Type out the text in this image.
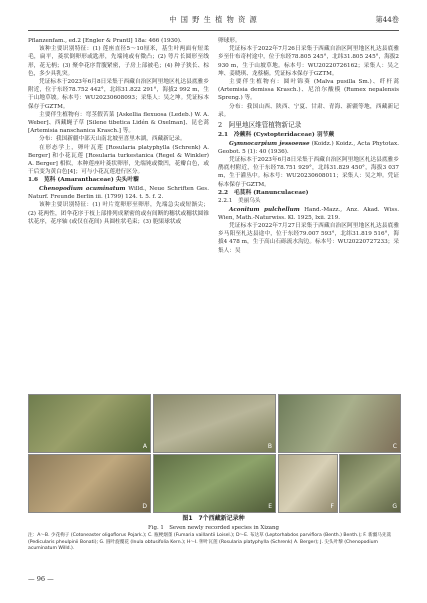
中 国 野 生 植 物 资 源	第44卷

Pflanzenfam., ed.2 [Engler & Prantl] 18a: 466 (1930).

该种主要识别特征：(1) 莲座直径5～10厘米，基生叶两面有短柔毛，扁平，菱状倒卵形或匙形，先端钝或有微凸；(2) 萼片长圆形至线形，花无柄；(3) 聚伞花序背腹紧密，子房上部被毛；(4) 种子狭长、棕色，多少具乳突。

凭证标本于2023年6月8日采集于西藏自治区阿里地区札达县底雅乡附近，位于东经78.752 442°，北纬31.822 291°，海拔2 992 m，生于山地草坡。标本号：WU20230608093；采集人：吴之坤。凭证标本保存于GZTM。

主要伴生植物有：弯茎假苦菜 [Askellia flexuosa (Ledeb.) W. A. Weber]、西藏蝇子草 [Silene tibetica Lidén & Oxelman]、昆仑蒿 [Artemisia nanschanica Krasch.] 等。

分布：我国新疆中部天山南北坡至喜里木湖，西藏新记录。

在形态学上，卵叶瓦莲 [Rosularia platyphylla (Schrenk) A. Berger] 和小花瓦莲 [Rosularia turkestanica (Regel & Winkler) A. Berger] 相似，本种莲座叶菱状卵形，先端钝或微凹，花瓣白色，或干后变为黄白色[4]；可与小花瓦莲进行区分。

1.6　苋科 (Amaranthaceae) 尖头叶藜

Chenopodium acuminatum Willd., Neue Schriften Ges. Naturf. Freunde Berlin iii. (1799) 124. t. 5. f. 2.

该种主要识别特征：(1) 叶片宽卵形至卵形，先端急尖或短渐尖；(2) 花两性，团伞花序于枝上部排列成紧密的或有间断的穗状或穗状圆锥状花序，花序轴 (或仅在花间) 具圆柱状毛束；(3) 胞果球状或

卵球形。

凭证标本于2022年7月26日采集于西藏自治区阿里地区札达县底雅乡至什布奇村途中，位于东经78.805 245°，北纬31.805 245°，海拔2 930 m，生于山坡草地。标本号：WU20220726162；采集人：吴之坤、姜晓琪、龙蔡楠。凭证标本保存于GZTM。

主要伴生植物有：圆叶锦葵 (Malva pusilla Sm.)、纤杆蒿 (Artemisia demissa Krasch.)、尼泊尔酸模 (Rumex nepalensis Spreng.) 等。

分布：我国山西、陕西、宁夏、甘肃、青海、新疆等地，西藏新记录。

2　阿里地区维管植物新记录
2.1　冷蕨科 (Cystopteridaceae) 羽节蕨

Gymnocarpium jessoense (Koidz.) Koidz., Acta Phytotax. Geobot. 5 (1): 40 (1936).

凭证标本于2023年6月8日采集于西藏自治区阿里地区札达县底雅乡鹊底村附近，位于东经78.751 929°，北纬31.829 450°，海拔3 037 m，生于灌丛中。标本号：WU20230608011；采集人：吴之坤。凭证标本保存于GZTM。

2.2　毛茛科 (Ranunculaceae)
2.2.1　美丽乌头

Aconitum pulchellum Hand.-Mazz., Anz. Akad. Wiss. Wien, Math.-Naturwiss. Kl. 1925, lxii. 219.

凭证标本于2022年7月27日采集于西藏自治区阿里地区札达县底雅乡马阳至札达县途中，位于东经79.007 593°，北纬31.819 516°，海拔4 478 m，生于高山石砾流水沟边。标本号：WU20220727233；采集人：吴

A	B	C
D	E	F	G
图1　7个西藏新记录种
Fig. 1　Seven newly recorded species in Xizang
注：A～B. 少花栒子 (Cotoneaster oligoflorus Pojark.); C. 瓶梗烟堇 (Fumaria vaillantii Loisel.); D～E. 布达草 (Leptorhabdos parviflora (Benth.) Benth.); F. 新疆马先蒿 (Pedicularis pheulpinii Bonati); G. 圆叶旋覆花 (Inula obtusifolia Kern.); H～I. 卵叶瓦莲 (Rosularia platyphylla (Schrenk) A. Berger); J. 尖头叶藜 (Chenopodium acuminatum Willd.).
— 96 —
